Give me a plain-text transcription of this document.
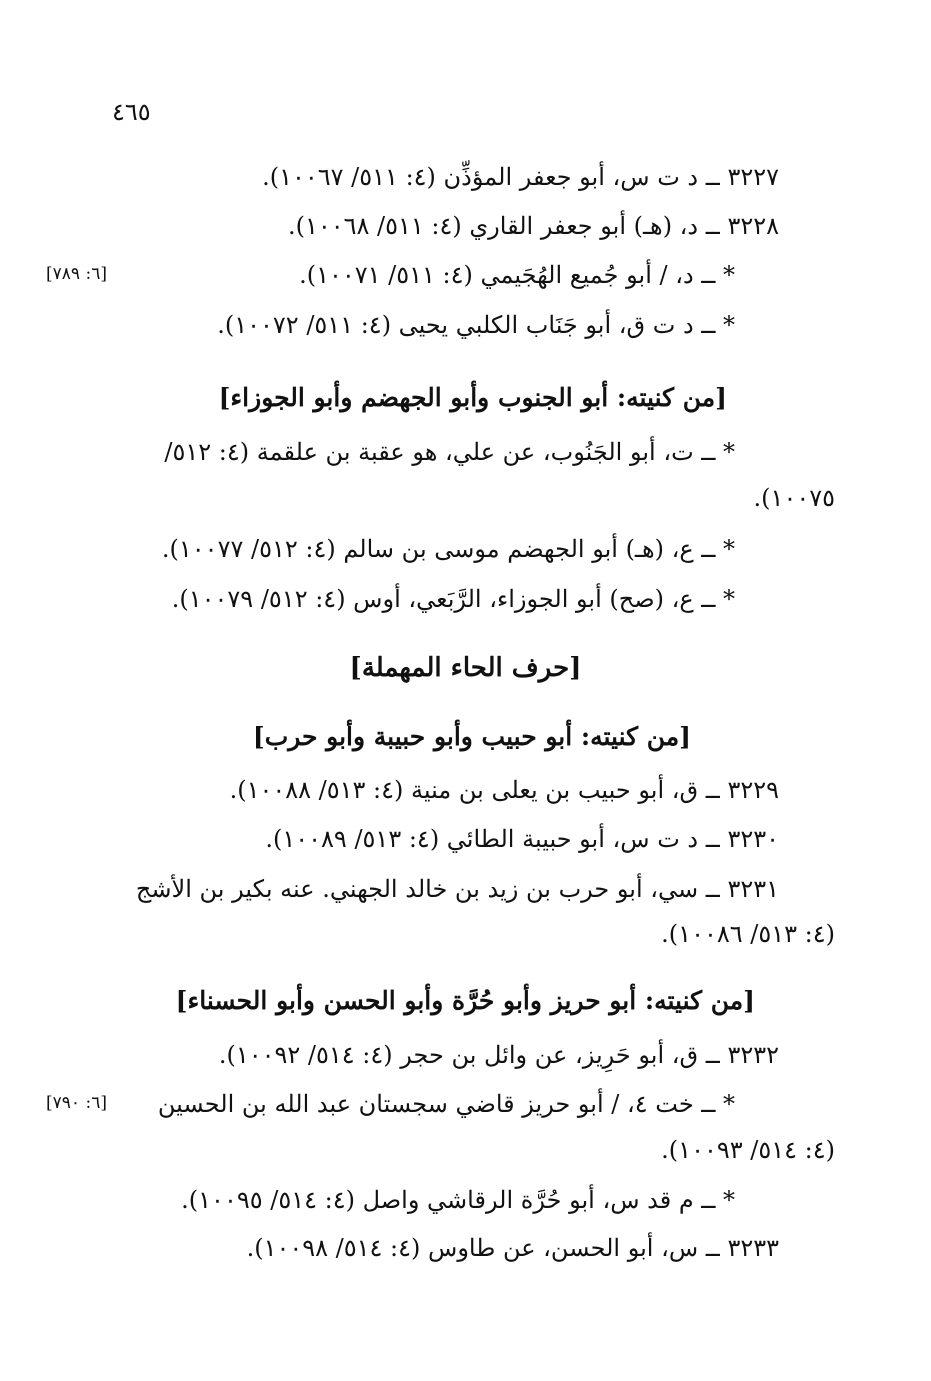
٤٦٥
٣٢٢٧ ــ د ت س، أبو جعفر المؤذِّن (٤: ٥١١/ ١٠٠٦٧).
٣٢٢٨ ــ د، (هـ) أبو جعفر القاري (٤: ٥١١/ ١٠٠٦٨).
* ــ د، / أبو جُميع الهُجَيمي (٤: ٥١١/ ١٠٠٧١).
[٦: ٧٨٩]
* ــ د ت ق، أبو جَنَاب الكلبي يحيى (٤: ٥١١/ ١٠٠٧٢).
[من كنيته: أبو الجنوب وأبو الجهضم وأبو الجوزاء]
* ــ ت، أبو الجَنُوب، عن علي، هو عقبة بن علقمة (٤: ٥١٢/
١٠٠٧٥).
* ــ ع، (هـ) أبو الجهضم موسى بن سالم (٤: ٥١٢/ ١٠٠٧٧).
* ــ ع، (صح) أبو الجوزاء، الرَّبَعي، أوس (٤: ٥١٢/ ١٠٠٧٩).
[حرف الحاء المهملة]
[من كنيته: أبو حبيب وأبو حبيبة وأبو حرب]
٣٢٢٩ ــ ق، أبو حبيب بن يعلى بن منية (٤: ٥١٣/ ١٠٠٨٨).
٣٢٣٠ ــ د ت س، أبو حبيبة الطائي (٤: ٥١٣/ ١٠٠٨٩).
٣٢٣١ ــ سي، أبو حرب بن زيد بن خالد الجهني. عنه بكير بن الأشج
(٤: ٥١٣/ ١٠٠٨٦).
[من كنيته: أبو حريز وأبو حُرَّة وأبو الحسن وأبو الحسناء]
٣٢٣٢ ــ ق، أبو حَرِيز، عن وائل بن حجر (٤: ٥١٤/ ١٠٠٩٢).
* ــ خت ٤، / أبو حريز قاضي سجستان عبد الله بن الحسين
[٦: ٧٩٠]
(٤: ٥١٤/ ١٠٠٩٣).
* ــ م قد س، أبو حُرَّة الرقاشي واصل (٤: ٥١٤/ ١٠٠٩٥).
٣٢٣٣ ــ س، أبو الحسن، عن طاوس (٤: ٥١٤/ ١٠٠٩٨).
